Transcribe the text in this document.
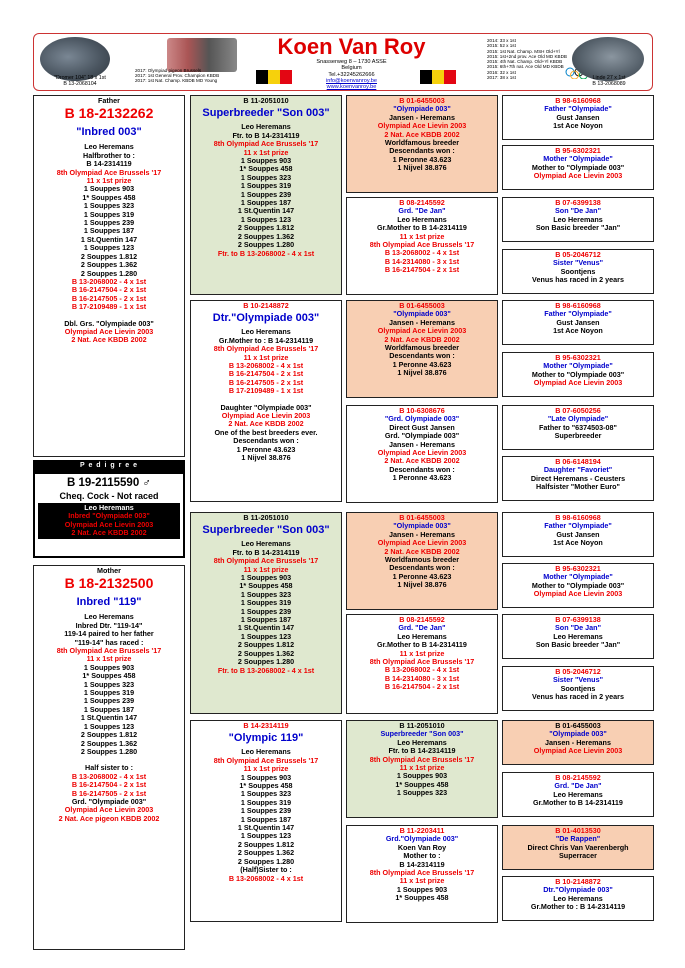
"Dromer 104" 18 x 1st
B 13-2068104
2017: Olympiad pigeon Brussels
2017: 1st General Prov. Champion KBDB
2017: 1st Nat. Champ. KBDB MD Young
Koen Van Roy
Snasserweg 8 – 1730 ASSE
Belgium
Tel.+32245262666
info@koenvanroy.be
www.koenvanroy.be
2014: 33 x 1st
2015: 52 x 1st
2015: 1st Nat. Champ. MSH Old+Yl
2015: 1st+2nd prov. Ace Old MD KBDB
2015: 4th Nat. Champ. Old+Yl KBDB
2015: 6th+7th nat. Ace Old MD KBDB
2016: 32 x 1st
2017: 38 x 1st	Linde 27 x 1st
B 13-2068089
Father
B 18-2132262
"Inbred 003"
Leo Heremans
Halfbrother to :
B 14-2314119
8th Olympiad Ace Brussels '17
11 x 1st prize
1 Souppes 903
1* Souppes 458
1 Souppes 323
1 Souppes 319
1 Souppes 239
1 Souppes 187
1 St.Quentin 147
1 Souppes 123
2 Souppes 1.812
2 Souppes 1.362
2 Souppes 1.280
B 13-2068002 - 4 x 1st
B 16-2147504 - 2 x 1st
B 16-2147505 - 2 x 1st
B 17-2109489 - 1 x 1st
Dbl. Grs. "Olympiade 003"
Olympiad Ace Lievin 2003
2 Nat. Ace KBDB 2002
P e d i g r e e
B 19-2115590 ♂
Cheq. Cock - Not raced
Leo Heremans
Inbred "Olympiade 003"
Olympiad Ace Lievin 2003
2 Nat. Ace KBDB 2002
Mother
B 18-2132500
Inbred "119"
Leo Heremans
Inbred Dtr. "119-14"
119-14 paired to her father
"119-14" has raced :
8th Olympiad Ace Brussels '17
11 x 1st prize
1 Souppes 903
1* Souppes 458
1 Souppes 323
1 Souppes 319
1 Souppes 239
1 Souppes 187
1 St.Quentin 147
1 Souppes 123
2 Souppes 1.812
2 Souppes 1.362
2 Souppes 1.280
Half sister to :
B 13-2068002 - 4 x 1st
B 16-2147504 - 2 x 1st
B 16-2147505 - 2 x 1st
Grd. "Olympiade 003"
Olympiad Ace Lievin 2003
2 Nat. Ace pigeon KBDB 2002
B 11-2051010
Superbreeder "Son 003"
Leo Heremans
Ftr. to B 14-2314119
8th Olympiad Ace Brussels '17
11 x 1st prize
1 Souppes 903
1* Souppes 458
1 Souppes 323
1 Souppes 319
1 Souppes 239
1 Souppes 187
1 St.Quentin 147
1 Souppes 123
2 Souppes 1.812
2 Souppes 1.362
2 Souppes 1.280
Ftr. to B 13-2068002 - 4 x 1st
B 10-2148872
Dtr."Olympiade 003"
Leo Heremans
Gr.Mother to : B 14-2314119
8th Olympiad Ace Brussels '17
11 x 1st prize
B 13-2068002 - 4 x 1st
B 16-2147504 - 2 x 1st
B 16-2147505 - 2 x 1st
B 17-2109489 - 1 x 1st
Daughter "Olympiade 003"
Olympiad Ace Lievin 2003
2 Nat. Ace KBDB 2002
One of the best breeders ever.
Descendants won :
1 Peronne 43.623
1 Nijvel 38.876
B 11-2051010
Superbreeder "Son 003"
Leo Heremans
Ftr. to B 14-2314119
8th Olympiad Ace Brussels '17
11 x 1st prize
1 Souppes 903
1* Souppes 458
1 Souppes 323
1 Souppes 319
1 Souppes 239
1 Souppes 187
1 St.Quentin 147
1 Souppes 123
2 Souppes 1.812
2 Souppes 1.362
2 Souppes 1.280
Ftr. to B 13-2068002 - 4 x 1st
B 14-2314119
"Olympic 119"
Leo Heremans
8th Olympiad Ace Brussels '17
11 x 1st prize
1 Souppes 903
1* Souppes 458
1 Souppes 323
1 Souppes 319
1 Souppes 239
1 Souppes 187
1 St.Quentin 147
1 Souppes 123
2 Souppes 1.812
2 Souppes 1.362
2 Souppes 1.280
(Half)Sister to :
B 13-2068002 - 4 x 1st
B 01-6455003
"Olympiade 003"
Jansen - Heremans
Olympiad Ace Lievin 2003
2 Nat. Ace KBDB 2002
Worldfamous breeder
Descendants won :
1 Peronne 43.623
1 Nijvel 38.876
B 08-2145592
Grd. "De Jan"
Leo Heremans
Gr.Mother to B 14-2314119
11 x 1st prize
8th Olympiad Ace Brussels '17
B 13-2068002 - 4 x 1st
B 14-2314080 - 3 x 1st
B 16-2147504 - 2 x 1st
B 01-6455003
"Olympiade 003"
Jansen - Heremans
Olympiad Ace Lievin 2003
2 Nat. Ace KBDB 2002
Worldfamous breeder
Descendants won :
1 Peronne 43.623
1 Nijvel 38.876
B 10-6308676
"Grd. Olympiade 003"
Direct Gust Jansen
Grd. "Olympiade 003"
Jansen - Heremans
Olympiad Ace Lievin 2003
2 Nat. Ace KBDB 2002
Descendants won :
1 Peronne 43.623
B 01-6455003
"Olympiade 003"
Jansen - Heremans
Olympiad Ace Lievin 2003
2 Nat. Ace KBDB 2002
Worldfamous breeder
Descendants won :
1 Peronne 43.623
1 Nijvel 38.876
B 08-2145592
Grd. "De Jan"
Leo Heremans
Gr.Mother to B 14-2314119
11 x 1st prize
8th Olympiad Ace Brussels '17
B 13-2068002 - 4 x 1st
B 14-2314080 - 3 x 1st
B 16-2147504 - 2 x 1st
B 11-2051010
Superbreeder "Son 003"
Leo Heremans
Ftr. to B 14-2314119
8th Olympiad Ace Brussels '17
11 x 1st prize
1 Souppes 903
1* Souppes 458
1 Souppes 323
B 11-2203411
Grd."Olympiade 003"
Koen Van Roy
Mother to :
B 14-2314119
8th Olympiad Ace Brussels '17
11 x 1st prize
1 Souppes 903
1* Souppes 458
B 98-6160968
Father "Olympiade"
Gust Jansen
1st Ace Noyon
B 95-6302321
Mother "Olympiade"
Mother to "Olympiade 003"
Olympiad Ace Lievin 2003
B 07-6399138
Son "De Jan"
Leo Heremans
Son Basic breeder "Jan"
B 05-2046712
Sister "Venus"
Soontjens
Venus has raced in 2 years
B 98-6160968
Father "Olympiade"
Gust Jansen
1st Ace Noyon
B 95-6302321
Mother "Olympiade"
Mother to "Olympiade 003"
Olympiad Ace Lievin 2003
B 07-6050256
"Late Olympiade"
Father to "6374503-08"
Superbreeder
B 06-6148194
Daughter "Favoriet"
Direct Heremans - Ceusters
Halfsister "Mother Euro"
B 98-6160968
Father "Olympiade"
Gust Jansen
1st Ace Noyon
B 95-6302321
Mother "Olympiade"
Mother to "Olympiade 003"
Olympiad Ace Lievin 2003
B 07-6399138
Son "De Jan"
Leo Heremans
Son Basic breeder "Jan"
B 05-2046712
Sister "Venus"
Soontjens
Venus has raced in 2 years
B 01-6455003
"Olympiade 003"
Jansen - Heremans
Olympiad Ace Lievin 2003
B 08-2145592
Grd. "De Jan"
Leo Heremans
Gr.Mother to B 14-2314119
B 01-4013530
"De Rappen"
Direct Chris Van Vaerenbergh
Superracer
B 10-2148872
Dtr."Olympiade 003"
Leo Heremans
Gr.Mother to : B 14-2314119
